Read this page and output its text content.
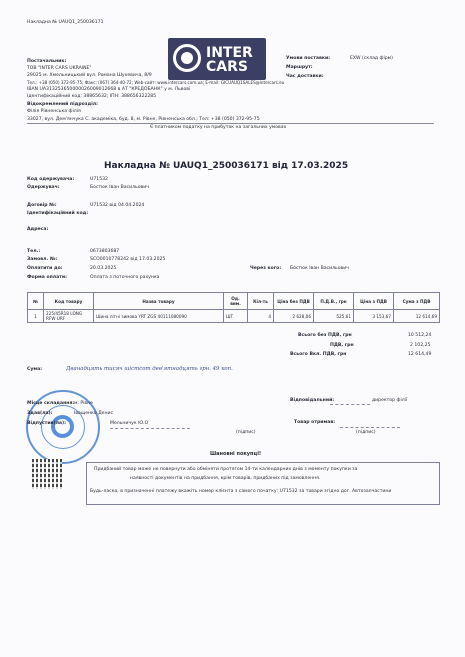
Накладна № UAUQ1_250036171
Постачальник:
ТОВ "INTER CARS UKRAINE"
29025 м. Хмельницький вул. Романа Шухевича, 8/9
Тел.: +38 (050) 372-95-75; Факс: (067) 364-40-72; Web-сайт: www.intercars.com.ua; E-mail: GICUAUQ1SALES@intercars.eu
IBAN UA313253650000026009012668 в АТ "КРЕДОБАНК" у м. Львові
Ідентифікаційний код: 38865632; ІПН: 388656322285
Відокремлений підрозділ:
Філія Рівненська філія
33027, вул. Дем'янчука С. академіка, буд. 8, м. Рівне, Рівненська обл.; Тел: +38 (050) 372-95-75
Є платником податку на прибуток на загальних умовах
INTER
CARS
Умови поставки:	EXW (склад фірм)
Маршрут:
Час доставки:
Накладна № UAUQ1_250036171 від 17.03.2025
Код одержувача:	U71532
Одержувач:	Бостюк Іван Васильович
Договір №:	U71532 від 04.04.2024
Ідентифікаційний код:
Адреса:
Тел.:	0673803687
Замовл. №:	SCO0010778242 від 17.03.2025
Оплатити до:	20.03.2025
Форма оплати:	Оплата з поточного рахунка
Через кого: Бостюк Іван Васильович
№	Код товару	Назва товару	Од. вим.	Кіл-ть	Ціна без ПДВ	П.Д.В., грн	Ціна з ПДВ	Сума з ПДВ
1	225/45R18 LONG RFW URF	Шина літні зимова YRT ZGS 40111080090	ШТ	4	2 628,06	525,61	3 153,67	12 614,69
Всього без ПДВ, грн	10 512,24
ПДВ, грн	2 102,25
Всього Вкл. ПДВ, грн	12 614,49
Сума:	Дванадцять тисяч шістсот дев'ятнадцять грн. 49 коп.
Місце складання: м. Рівне
Здав(ла):	Іващенко Денис
Відпустив(ла):	Мельничук Ю.О
(підпис)
Відповідальний:	директор філії
Товар отримав:
(підпис)
Шановні покупці!
Придбаний товар може не повернути або обміняти протягом 14-ти календарних днів з моменту покупки за
наявності документів на придбання, крім товарів, придбаних під замовлення.
Будь-ласка, в призначенні платежу вкажіть номер клієнта з самого початку: U71532 за товари згідно дог. Автозапчастини
